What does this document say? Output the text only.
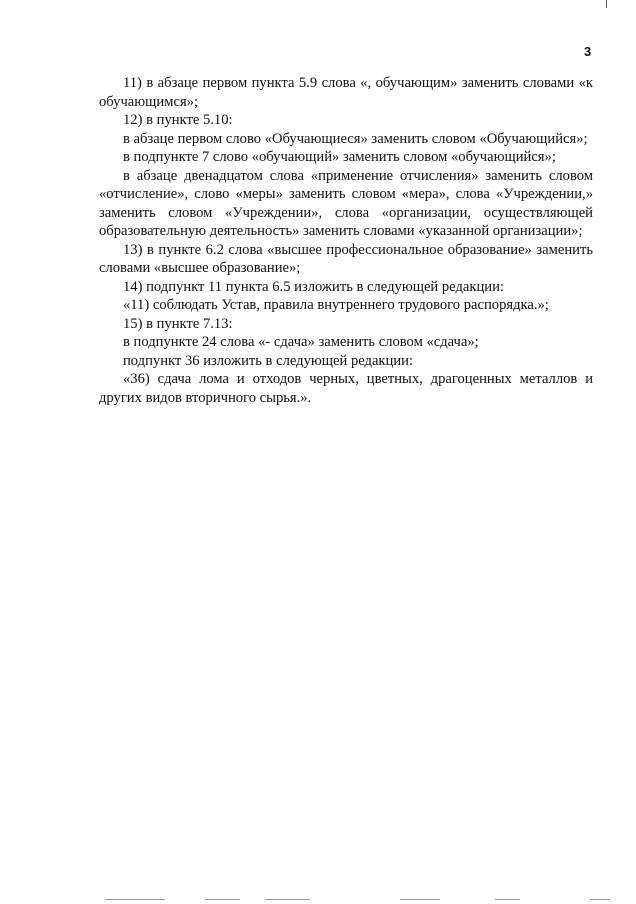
3

11) в абзаце первом пункта 5.9 слова «, обучающим» заменить словами «к обучающимся»;

12) в пункте 5.10:

в абзаце первом слово «Обучающиеся» заменить словом «Обучающийся»;

в подпункте 7 слово «обучающий» заменить словом «обучающийся»;

в абзаце двенадцатом слова «применение отчисления» заменить словом «отчисление», слово «меры» заменить словом «мера», слова «Учреждении,» заменить словом «Учреждении», слова «организации, осуществляющей образовательную деятельность» заменить словами «указанной организации»;

13) в пункте 6.2 слова «высшее профессиональное образование» заменить словами «высшее образование»;

14) подпункт 11 пункта 6.5 изложить в следующей редакции:

«11) соблюдать Устав, правила внутреннего трудового распорядка.»;

15) в пункте 7.13:

в подпункте 24 слова «- сдача» заменить словом «сдача»;

подпункт 36 изложить в следующей редакции:

«36) сдача лома и отходов черных, цветных, драгоценных металлов и других видов вторичного сырья.».
